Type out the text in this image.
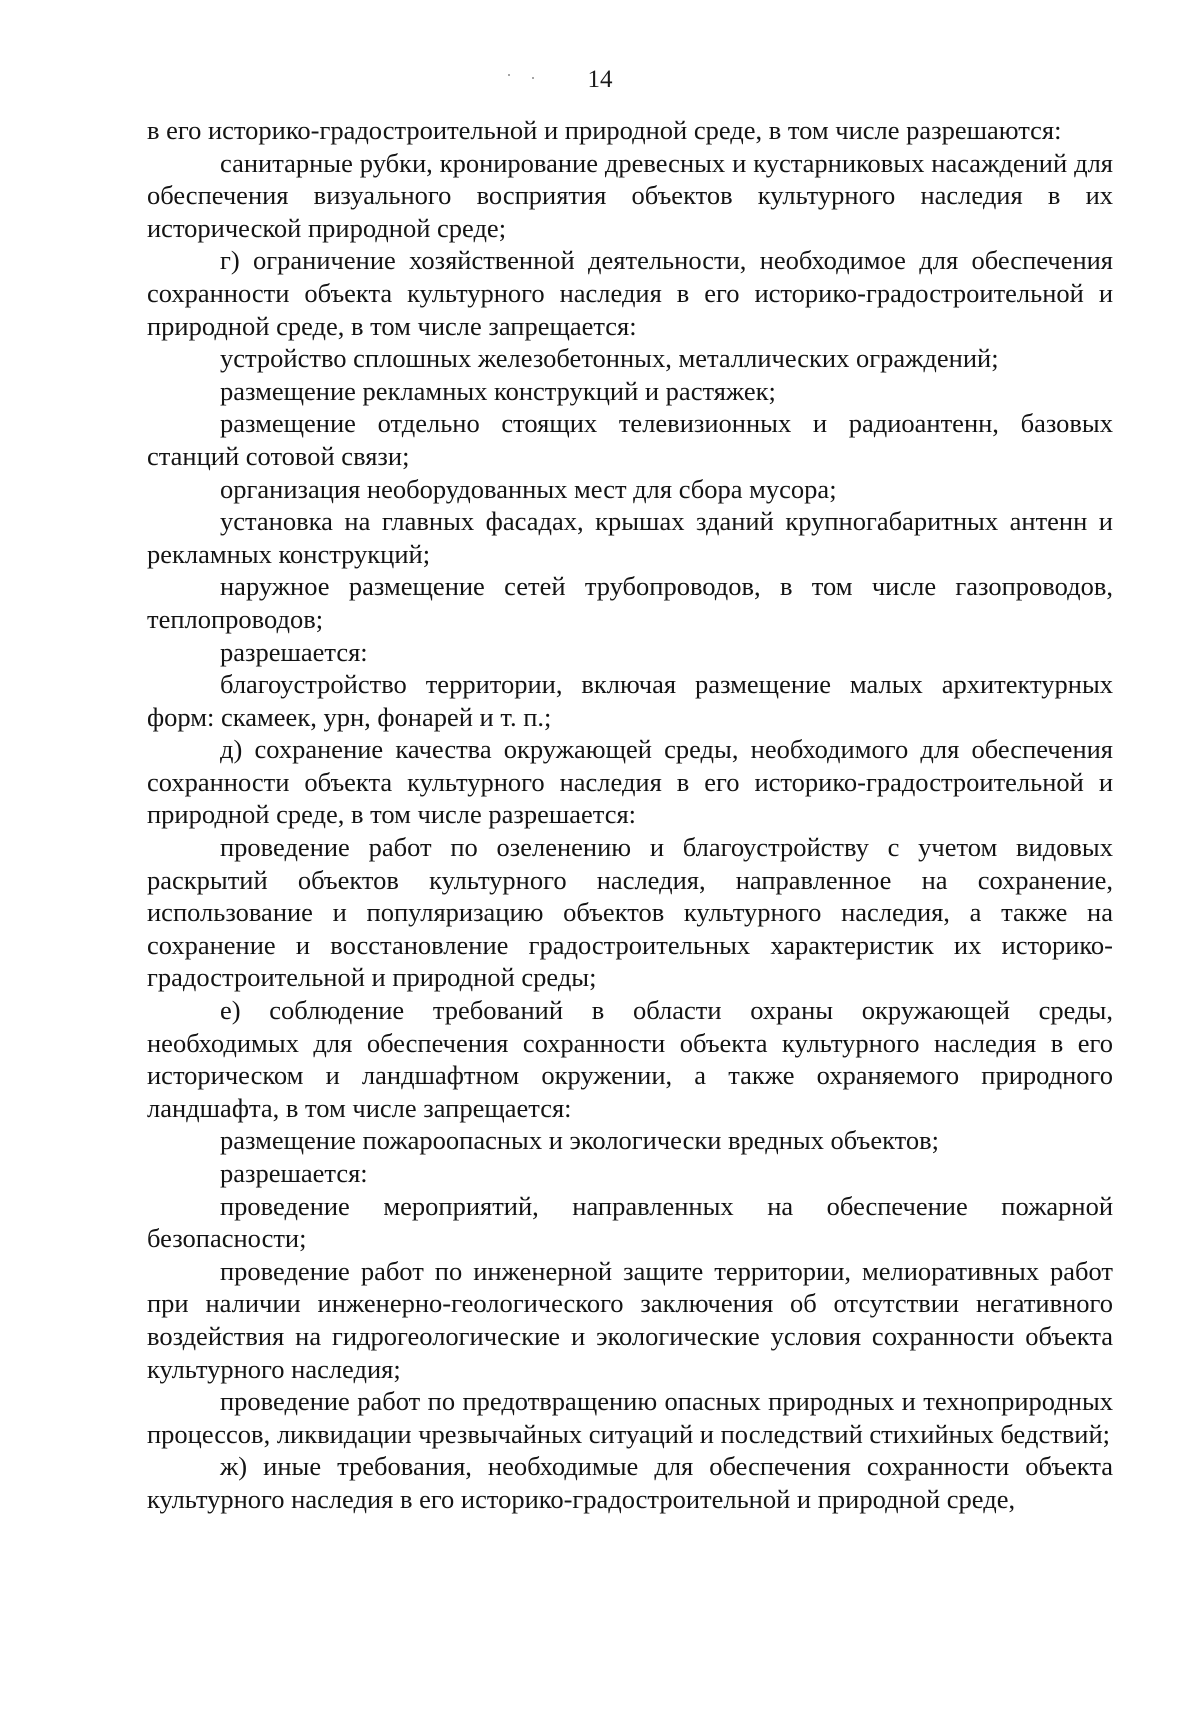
14

в его историко-градостроительной и природной среде, в том числе разрешаются:

санитарные рубки, кронирование древесных и кустарниковых насаждений для обеспечения визуального восприятия объектов культурного наследия в их исторической природной среде;

г) ограничение хозяйственной деятельности, необходимое для обеспечения сохранности объекта культурного наследия в его историко-градостроительной и природной среде, в том числе запрещается:

устройство сплошных железобетонных, металлических ограждений;

размещение рекламных конструкций и растяжек;

размещение отдельно стоящих телевизионных и радиоантенн, базовых станций сотовой связи;

организация необорудованных мест для сбора мусора;

установка на главных фасадах, крышах зданий крупногабаритных антенн и рекламных конструкций;

наружное размещение сетей трубопроводов, в том числе газопроводов, теплопроводов;

разрешается:

благоустройство территории, включая размещение малых архитектурных форм: скамеек, урн, фонарей и т. п.;

д) сохранение качества окружающей среды, необходимого для обеспечения сохранности объекта культурного наследия в его историко-градостроительной и природной среде, в том числе разрешается:

проведение работ по озеленению и благоустройству с учетом видовых раскрытий объектов культурного наследия, направленное на сохранение, использование и популяризацию объектов культурного наследия, а также на сохранение и восстановление градостроительных характеристик их историко-градостроительной и природной среды;

е) соблюдение требований в области охраны окружающей среды, необходимых для обеспечения сохранности объекта культурного наследия в его историческом и ландшафтном окружении, а также охраняемого природного ландшафта, в том числе запрещается:

размещение пожароопасных и экологически вредных объектов;

разрешается:

проведение мероприятий, направленных на обеспечение пожарной безопасности;

проведение работ по инженерной защите территории, мелиоративных работ при наличии инженерно-геологического заключения об отсутствии негативного воздействия на гидрогеологические и экологические условия сохранности объекта культурного наследия;

проведение работ по предотвращению опасных природных и технoприродных процессов, ликвидации чрезвычайных ситуаций и последствий стихийных бедствий;

ж) иные требования, необходимые для обеспечения сохранности объекта культурного наследия в его историко-градостроительной и природной среде,
